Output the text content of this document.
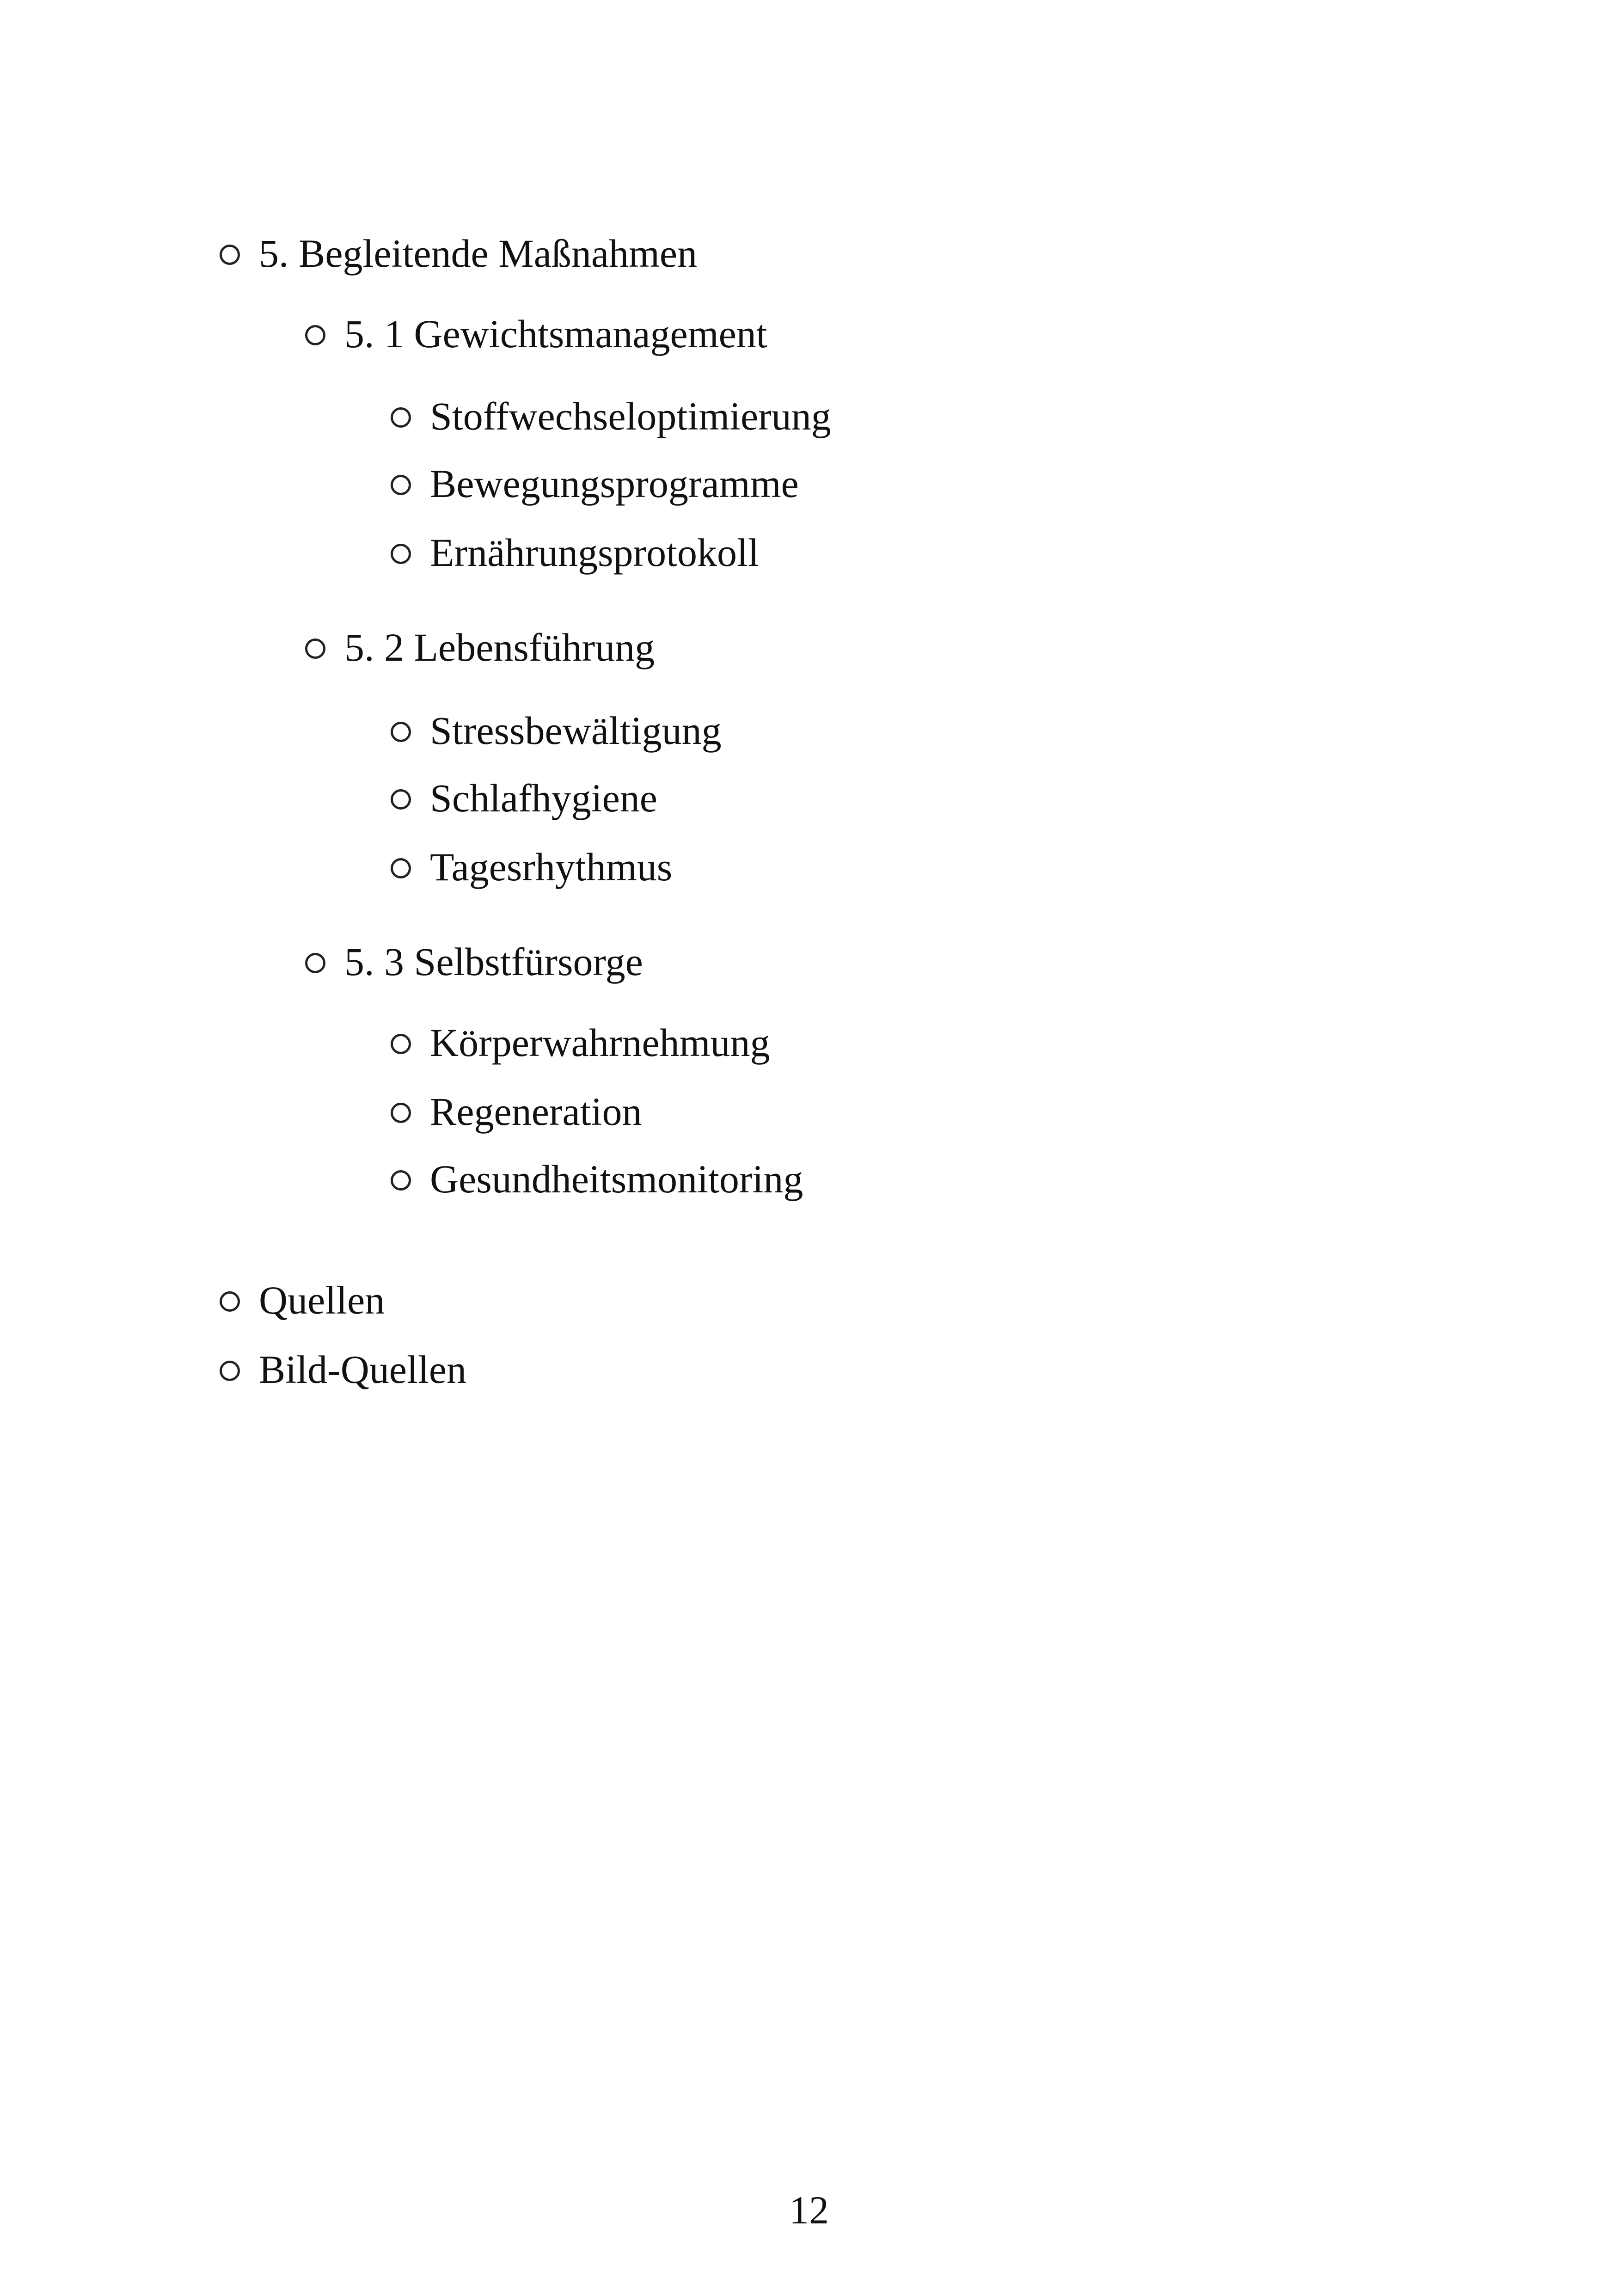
5. Begleitende Maßnahmen
5. 1 Gewichtsmanagement
Stoffwechseloptimierung
Bewegungsprogramme
Ernährungsprotokoll
5. 2 Lebensführung
Stressbewältigung
Schlafhygiene
Tagesrhythmus
5. 3 Selbstfürsorge
Körperwahrnehmung
Regeneration
Gesundheitsmonitoring
Quellen
Bild-Quellen
12
